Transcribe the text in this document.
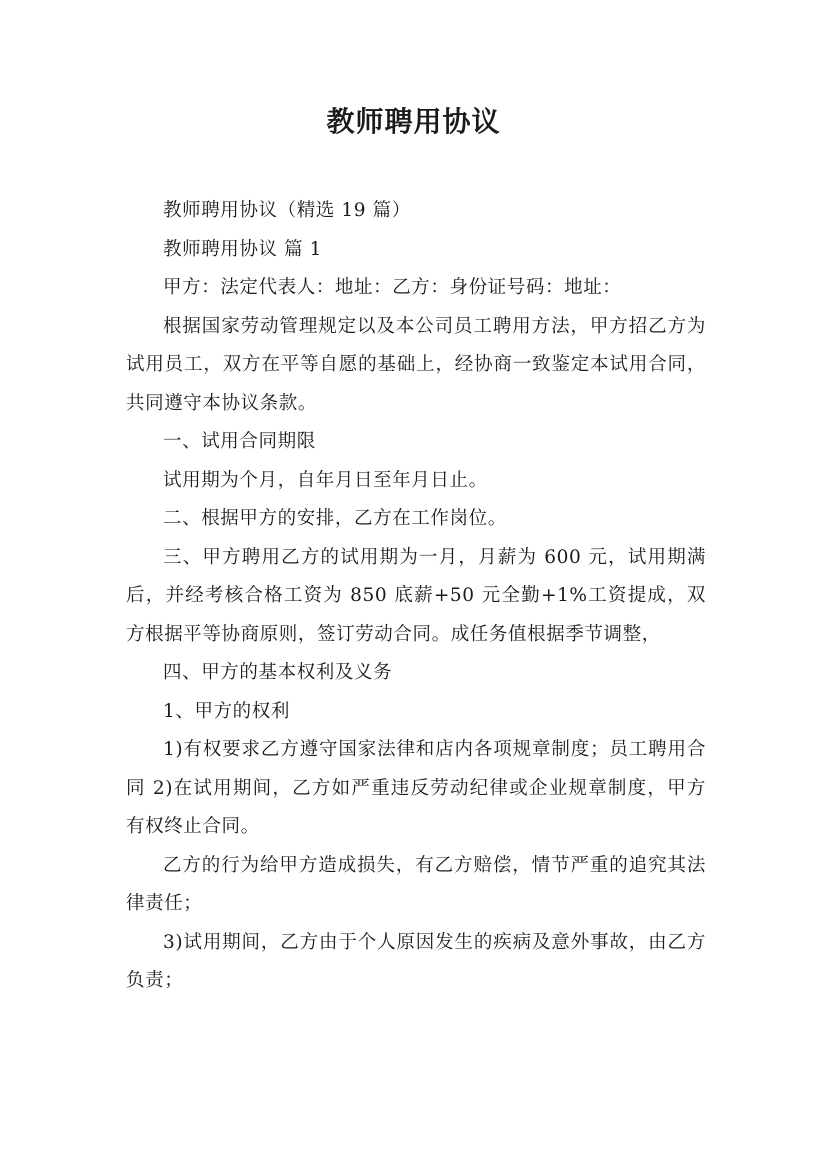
教师聘用协议

教师聘用协议（精选 19 篇）

教师聘用协议 篇 1

甲方：法定代表人：地址：乙方：身份证号码：地址：

根据国家劳动管理规定以及本公司员工聘用方法，甲方招乙方为试用员工，双方在平等自愿的基础上，经协商一致鉴定本试用合同，共同遵守本协议条款。

一、试用合同期限

试用期为个月，自年月日至年月日止。

二、根据甲方的安排，乙方在工作岗位。

三、甲方聘用乙方的试用期为一月，月薪为 600 元，试用期满后，并经考核合格工资为 850 底薪+50 元全勤+1%工资提成，双方根据平等协商原则，签订劳动合同。成任务值根据季节调整，

四、甲方的基本权利及义务

1、甲方的权利

1)有权要求乙方遵守国家法律和店内各项规章制度；员工聘用合同 2)在试用期间，乙方如严重违反劳动纪律或企业规章制度，甲方有权终止合同。

乙方的行为给甲方造成损失，有乙方赔偿，情节严重的追究其法律责任；

3)试用期间，乙方由于个人原因发生的疾病及意外事故，由乙方负责；
